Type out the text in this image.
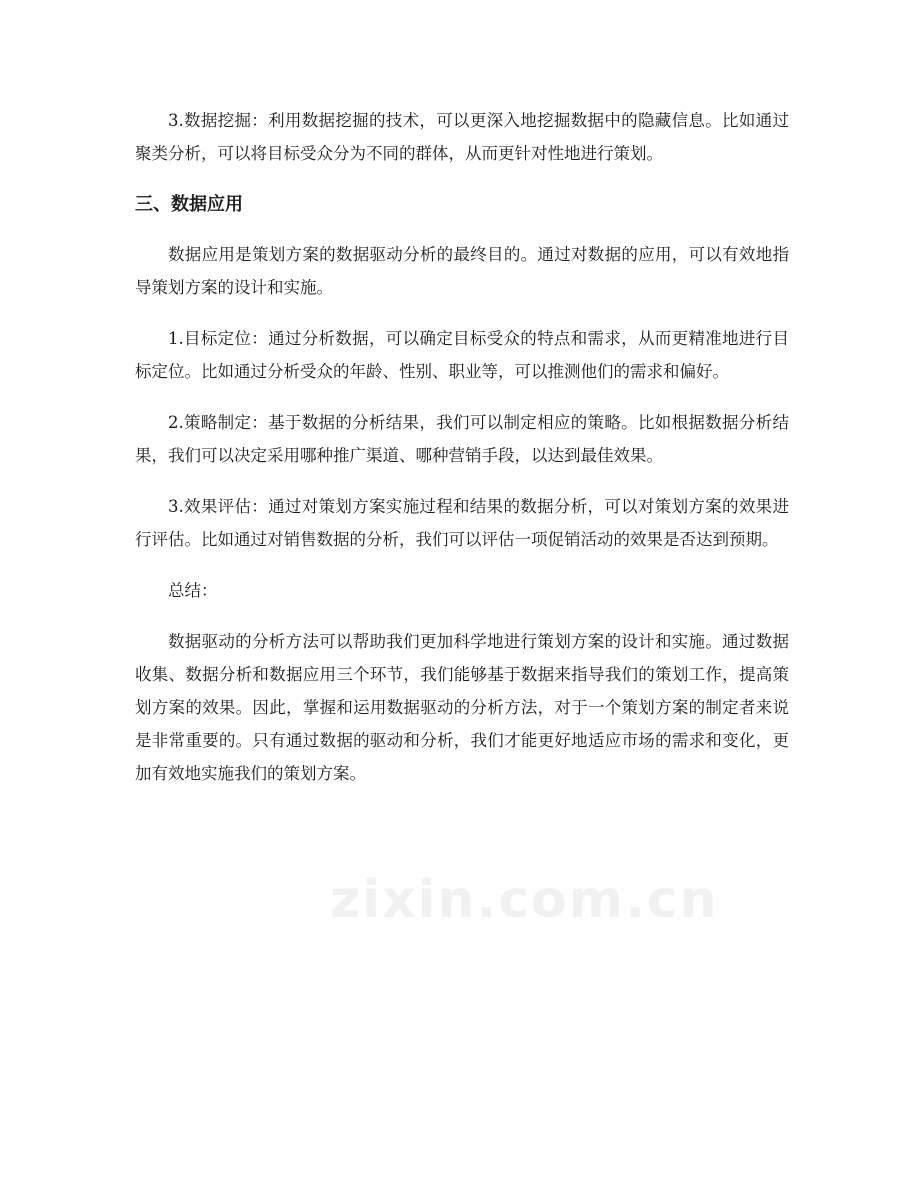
3.数据挖掘：利用数据挖掘的技术，可以更深入地挖掘数据中的隐藏信息。比如通过聚类分析，可以将目标受众分为不同的群体，从而更针对性地进行策划。

三、数据应用

数据应用是策划方案的数据驱动分析的最终目的。通过对数据的应用，可以有效地指导策划方案的设计和实施。

1.目标定位：通过分析数据，可以确定目标受众的特点和需求，从而更精准地进行目标定位。比如通过分析受众的年龄、性别、职业等，可以推测他们的需求和偏好。

2.策略制定：基于数据的分析结果，我们可以制定相应的策略。比如根据数据分析结果，我们可以决定采用哪种推广渠道、哪种营销手段，以达到最佳效果。

3.效果评估：通过对策划方案实施过程和结果的数据分析，可以对策划方案的效果进行评估。比如通过对销售数据的分析，我们可以评估一项促销活动的效果是否达到预期。

总结：

数据驱动的分析方法可以帮助我们更加科学地进行策划方案的设计和实施。通过数据收集、数据分析和数据应用三个环节，我们能够基于数据来指导我们的策划工作，提高策划方案的效果。因此，掌握和运用数据驱动的分析方法，对于一个策划方案的制定者来说是非常重要的。只有通过数据的驱动和分析，我们才能更好地适应市场的需求和变化，更加有效地实施我们的策划方案。

zixin.com.cn
